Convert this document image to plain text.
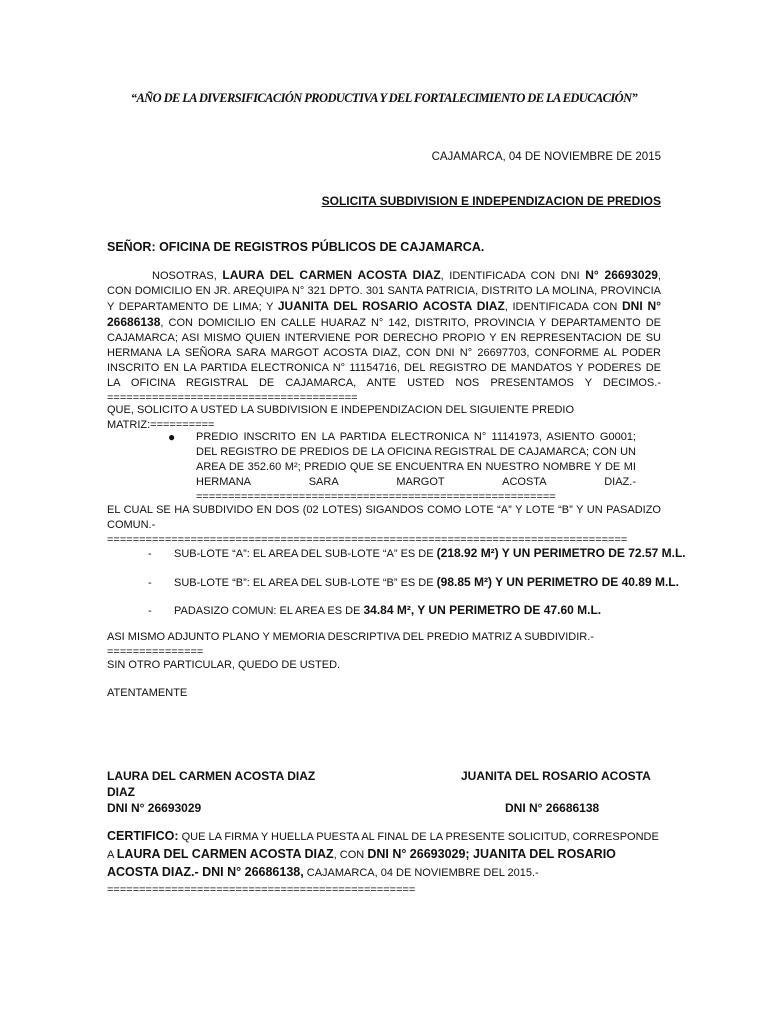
“AÑO DE LA DIVERSIFICACIÓN PRODUCTIVA Y DEL FORTALECIMIENTO DE LA EDUCACIÓN”
CAJAMARCA, 04 DE NOVIEMBRE DE 2015
SOLICITA SUBDIVISION E INDEPENDIZACION DE PREDIOS
SEÑOR: OFICINA DE REGISTROS PÚBLICOS DE CAJAMARCA.
NOSOTRAS, LAURA DEL CARMEN ACOSTA DIAZ, IDENTIFICADA CON DNI N° 26693029, CON DOMICILIO EN JR. AREQUIPA N° 321 DPTO. 301 SANTA PATRICIA, DISTRITO LA MOLINA, PROVINCIA Y DEPARTAMENTO DE LIMA; Y JUANITA DEL ROSARIO ACOSTA DIAZ, IDENTIFICADA CON DNI N° 26686138, CON DOMICILIO EN CALLE HUARAZ N° 142, DISTRITO, PROVINCIA Y DEPARTAMENTO DE CAJAMARCA; ASI MISMO QUIEN INTERVIENE POR DERECHO PROPIO Y EN REPRESENTACION DE SU HERMANA LA SEÑORA SARA MARGOT ACOSTA DIAZ, CON DNI N° 26697703, CONFORME AL PODER INSCRITO EN LA PARTIDA ELECTRONICA N° 11154716, DEL REGISTRO DE MANDATOS Y PODERES DE LA OFICINA REGISTRAL DE CAJAMARCA, ANTE USTED NOS PRESENTAMOS Y DECIMOS.-=======================================
QUE, SOLICITO A USTED LA SUBDIVISION E INDEPENDIZACION DEL SIGUIENTE PREDIO MATRIZ:==========
● PREDIO INSCRITO EN LA PARTIDA ELECTRONICA N° 11141973, ASIENTO G0001; DEL REGISTRO DE PREDIOS DE LA OFICINA REGISTRAL DE CAJAMARCA; CON UN AREA DE 352.60 M²; PREDIO QUE SE ENCUENTRA EN NUESTRO NOMBRE Y DE MI HERMANA SARA MARGOT ACOSTA DIAZ.-========================================================
EL CUAL SE HA SUBDIVIDO EN DOS (02 LOTES) SIGANDOS COMO LOTE “A” Y LOTE “B” Y UN PASADIZO COMUN.-=================================================================================
- SUB-LOTE “A”: EL AREA DEL SUB-LOTE “A” ES DE (218.92 M²) Y UN PERIMETRO DE 72.57 M.L.
- SUB-LOTE “B”: EL AREA DEL SUB-LOTE “B” ES DE (98.85 M²) Y UN PERIMETRO DE 40.89 M.L.
- PADASIZO COMUN: EL AREA ES DE 34.84 M², Y UN PERIMETRO DE 47.60 M.L.
ASI MISMO ADJUNTO PLANO Y MEMORIA DESCRIPTIVA DEL PREDIO MATRIZ A SUBDIVIDIR.-===============
SIN OTRO PARTICULAR, QUEDO DE USTED.
ATENTAMENTE
LAURA DEL CARMEN ACOSTA DIAZ
DIAZ
DNI N° 26693029
JUANITA DEL ROSARIO ACOSTA
DNI N° 26686138
CERTIFICO: QUE LA FIRMA Y HUELLA PUESTA AL FINAL DE LA PRESENTE SOLICITUD, CORRESPONDE A LAURA DEL CARMEN ACOSTA DIAZ, CON DNI N° 26693029; JUANITA DEL ROSARIO ACOSTA DIAZ.- DNI N° 26686138, CAJAMARCA, 04 DE NOVIEMBRE DEL 2015.-
================================================
